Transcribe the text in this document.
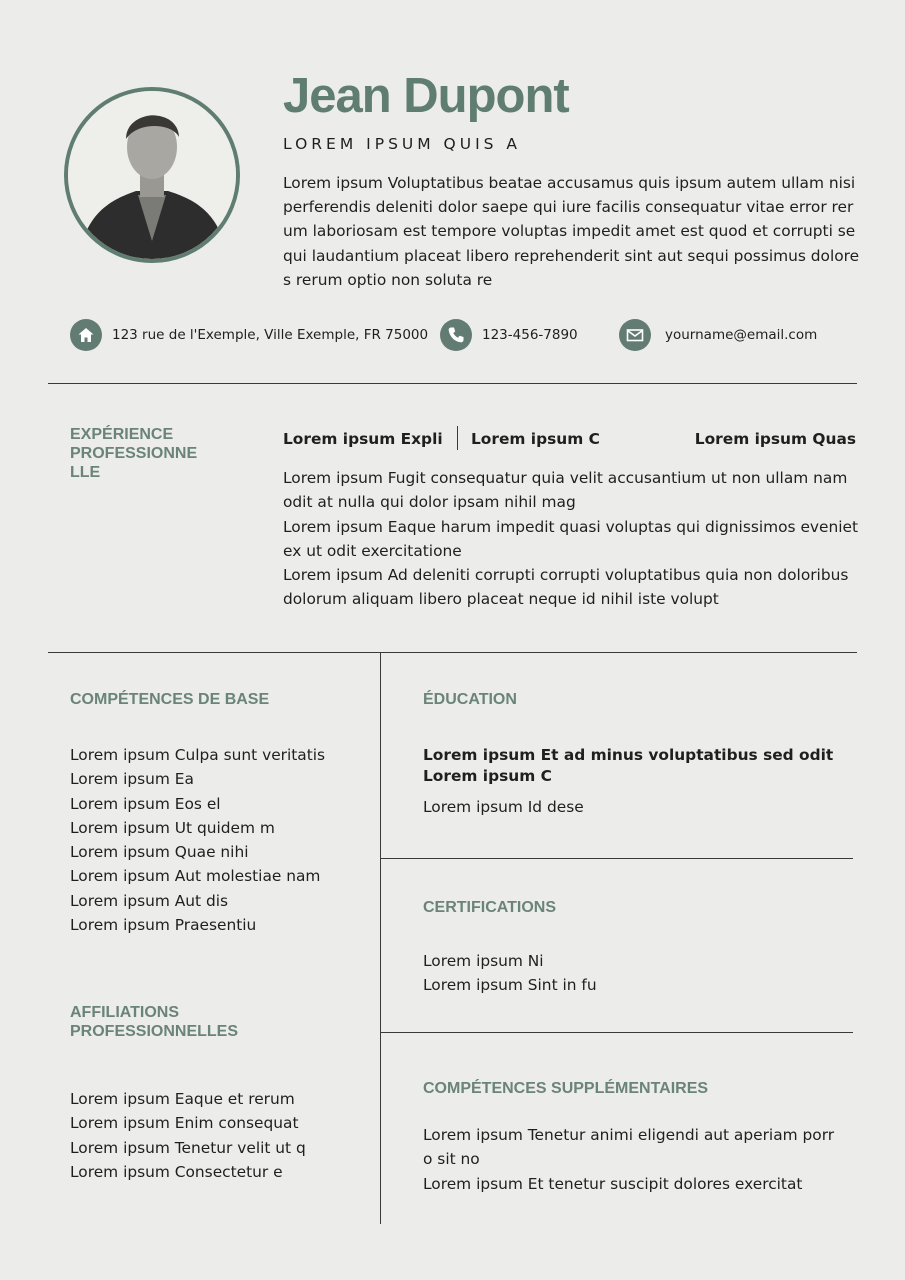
Jean Dupont
LOREM IPSUM QUIS A

Lorem ipsum Voluptatibus beatae accusamus quis ipsum autem ullam nisi perferendis deleniti dolor saepe qui iure facilis consequatur vitae error rerum laboriosam est tempore voluptas impedit amet est quod et corrupti sequi laudantium placeat libero reprehenderit sint aut sequi possimus dolores rerum optio non soluta re

123 rue de l'Exemple, Ville Exemple, FR 75000	123-456-7890	yourname@email.com
EXPÉRIENCE
PROFESSIONNE
LLE
Lorem ipsum Expli Lorem ipsum C	Lorem ipsum Quas

Lorem ipsum Fugit consequatur quia velit accusantium ut non ullam nam

odit at nulla qui dolor ipsam nihil mag

Lorem ipsum Eaque harum impedit quasi voluptas qui dignissimos eveniet

ex ut odit exercitatione

Lorem ipsum Ad deleniti corrupti corrupti voluptatibus quia non doloribus

dolorum aliquam libero placeat neque id nihil iste volupt

COMPÉTENCES DE BASE
Lorem ipsum Culpa sunt veritatis
Lorem ipsum Ea
Lorem ipsum Eos el
Lorem ipsum Ut quidem m
Lorem ipsum Quae nihi
Lorem ipsum Aut molestiae nam
Lorem ipsum Aut dis
Lorem ipsum Praesentiu
AFFILIATIONS
PROFESSIONNELLES
Lorem ipsum Eaque et rerum
Lorem ipsum Enim consequat
Lorem ipsum Tenetur velit ut q
Lorem ipsum Consectetur e
ÉDUCATION
Lorem ipsum Et ad minus voluptatibus sed odit
Lorem ipsum C
Lorem ipsum Id dese
CERTIFICATIONS
Lorem ipsum Ni
Lorem ipsum Sint in fu
COMPÉTENCES SUPPLÉMENTAIRES

Lorem ipsum Tenetur animi eligendi aut aperiam porr

o sit no

Lorem ipsum Et tenetur suscipit dolores exercitat
